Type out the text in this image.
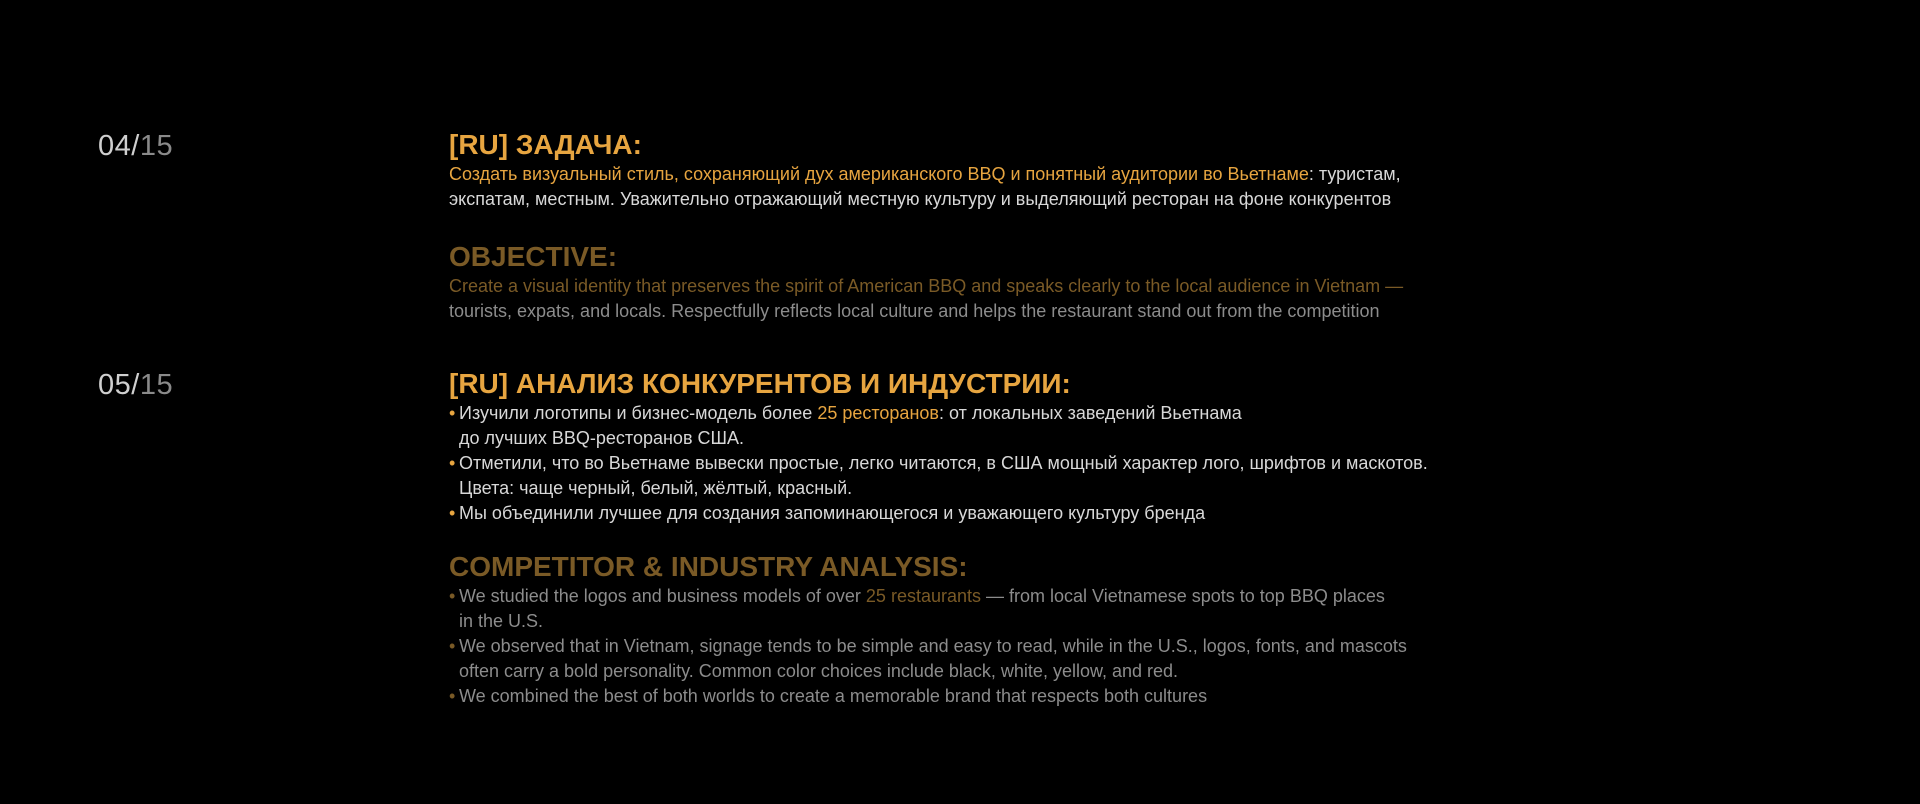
04/15	[RU] ЗАДАЧА:

Создать визуальный стиль, сохраняющий дух американского BBQ и понятный аудитории во Вьетнаме: туристам,
экспатам, местным. Уважительно отражающий местную культуру и выделяющий ресторан на фоне конкурентов

OBJECTIVE:

Create a visual identity that preserves the spirit of American BBQ and speaks clearly to the local audience in Vietnam —
tourists, expats, and locals. Respectfully reflects local culture and helps the restaurant stand out from the competition

05/15	[RU] АНАЛИЗ КОНКУРЕНТОВ И ИНДУСТРИИ:
• Изучили логотипы и бизнес-модель более 25 ресторанов: от локальных заведений Вьетнама
до лучших BBQ-ресторанов США.
• Отметили, что во Вьетнаме вывески простые, легко читаются, в США мощный характер лого, шрифтов и маскотов.
Цвета: чаще черный, белый, жёлтый, красный.
• Мы объединили лучшее для создания запоминающегося и уважающего культуру бренда
COMPETITOR & INDUSTRY ANALYSIS:
• We studied the logos and business models of over 25 restaurants — from local Vietnamese spots to top BBQ places
in the U.S.
• We observed that in Vietnam, signage tends to be simple and easy to read, while in the U.S., logos, fonts, and mascots
often carry a bold personality. Common color choices include black, white, yellow, and red.
• We combined the best of both worlds to create a memorable brand that respects both cultures
